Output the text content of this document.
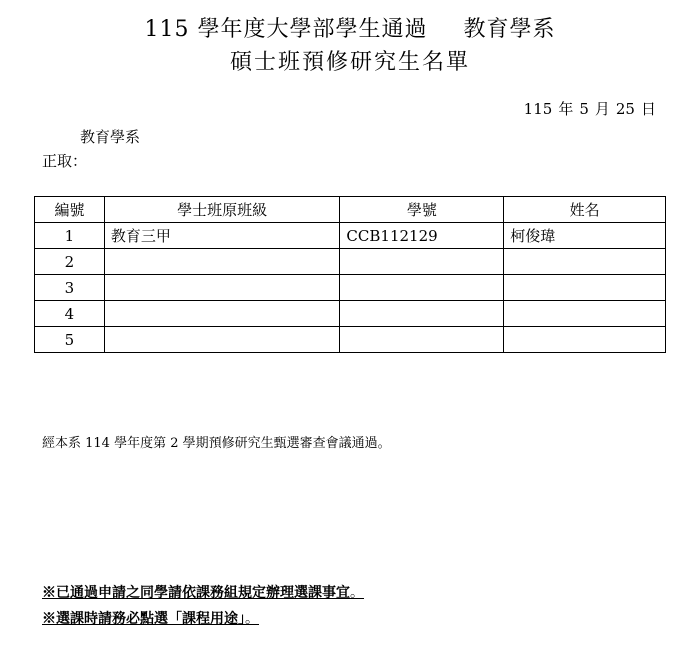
115 學年度大學部學生通過 教育學系
碩士班預修研究生名單
115 年 5 月 25 日
教育學系
正取：
編號	學士班原班級	學號	姓名
1	教育三甲	CCB112129	柯俊瑋
2			
3			
4			
5			
經本系 114 學年度第 2 學期預修研究生甄選審查會議通過。
※已通過申請之同學請依課務組規定辦理選課事宜。
※選課時請務必點選「課程用途」。
